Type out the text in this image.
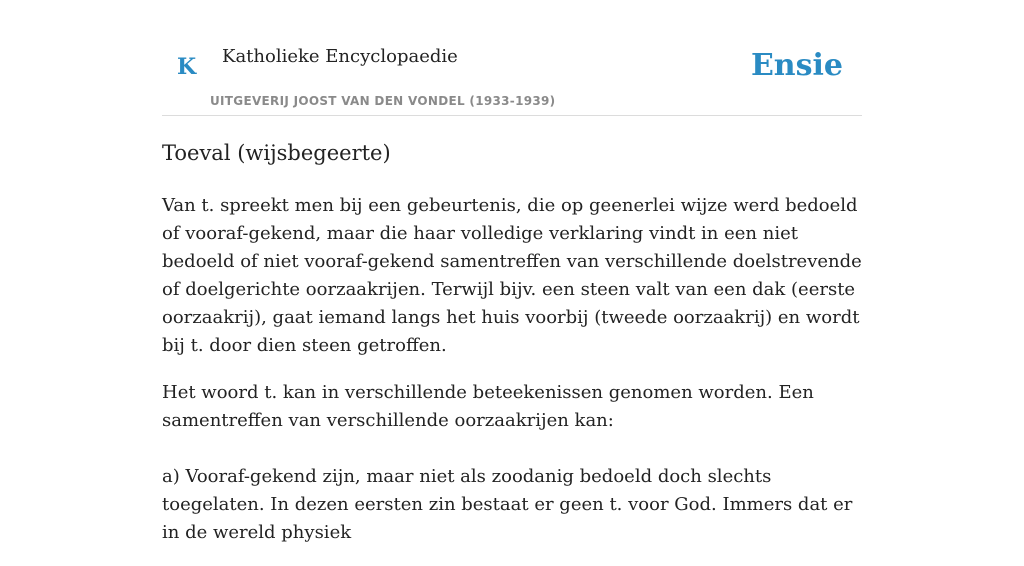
K Katholieke Encyclopaedie
UITGEVERIJ JOOST VAN DEN VONDEL (1933-1939)
Ensie
Toeval (wijsbegeerte)

Van t. spreekt men bij een gebeurtenis, die op geenerlei wijze werd bedoeld of vooraf-gekend, maar die haar volledige verklaring vindt in een niet bedoeld of niet vooraf-gekend samentreffen van verschillende doelstrevende of doelgerichte oorzaakrijen. Terwijl bijv. een steen valt van een dak (eerste oorzaakrij), gaat iemand langs het huis voorbij (tweede oorzaakrij) en wordt bij t. door dien steen getroffen.

Het woord t. kan in verschillende beteekenissen genomen worden. Een samentreffen van verschillende oorzaakrijen kan:

a) Vooraf-gekend zijn, maar niet als zoodanig bedoeld doch slechts toegelaten. In dezen eersten zin bestaat er geen t. voor God. Immers dat er in de wereld physiek
